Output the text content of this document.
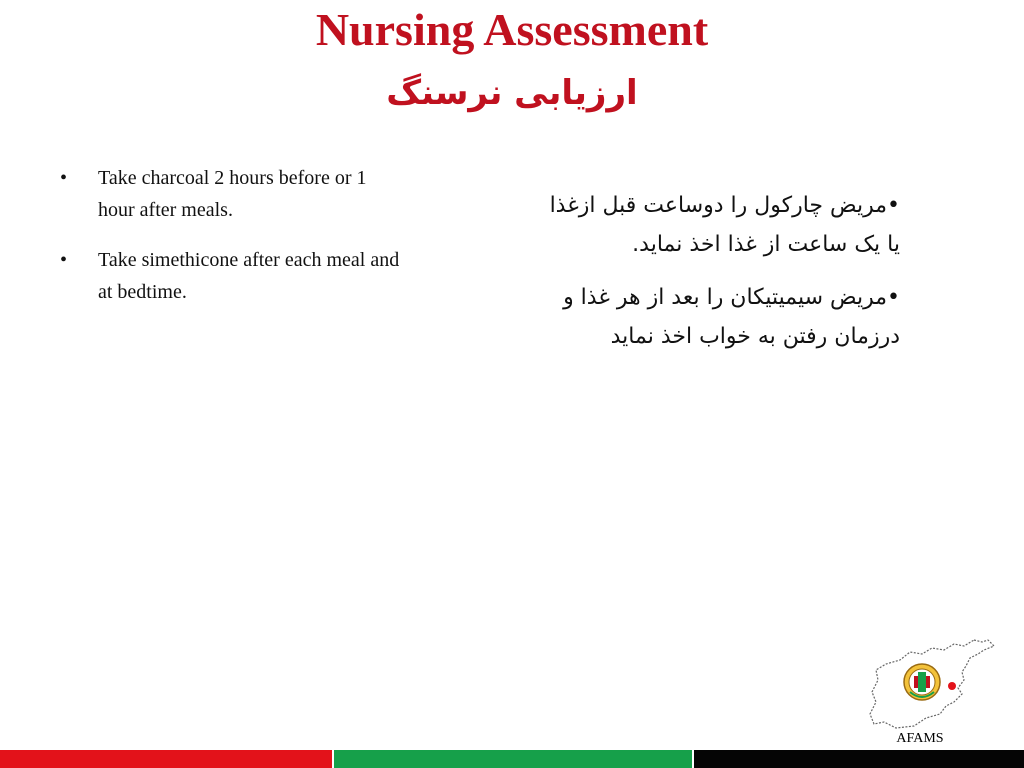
Nursing Assessment
ارزیابی نرسنگ
• Take charcoal 2 hours before or 1 hour after meals.
• Take simethicone after each meal and at bedtime.
•مریض چارکول را دوساعت قبل ازغذا یا یک ساعت از غذا اخذ نماید.
•مریض سیمیتیکان را بعد از هر غذا و درزمان رفتن به خواب اخذ نماید
AFAMS
